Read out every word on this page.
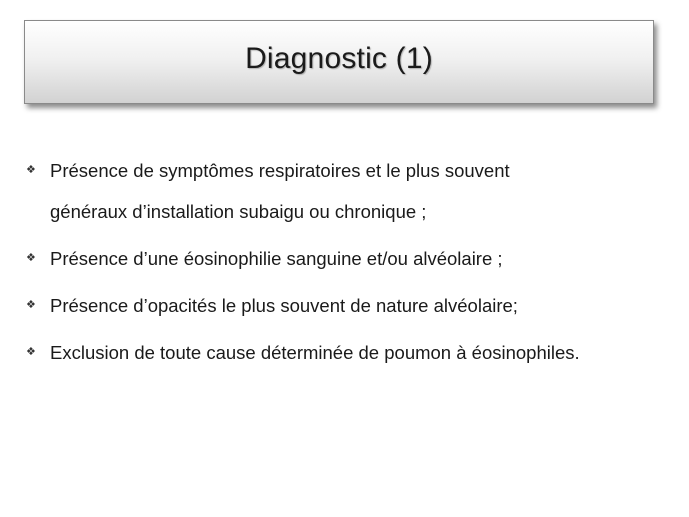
Diagnostic (1)
❖ Présence de symptômes respiratoires et le plus souvent
généraux d’installation subaigu ou chronique ;
❖ Présence d’une éosinophilie sanguine et/ou alvéolaire ;
❖ Présence d’opacités le plus souvent de nature alvéolaire;
❖ Exclusion de toute cause déterminée de poumon à éosinophiles.
